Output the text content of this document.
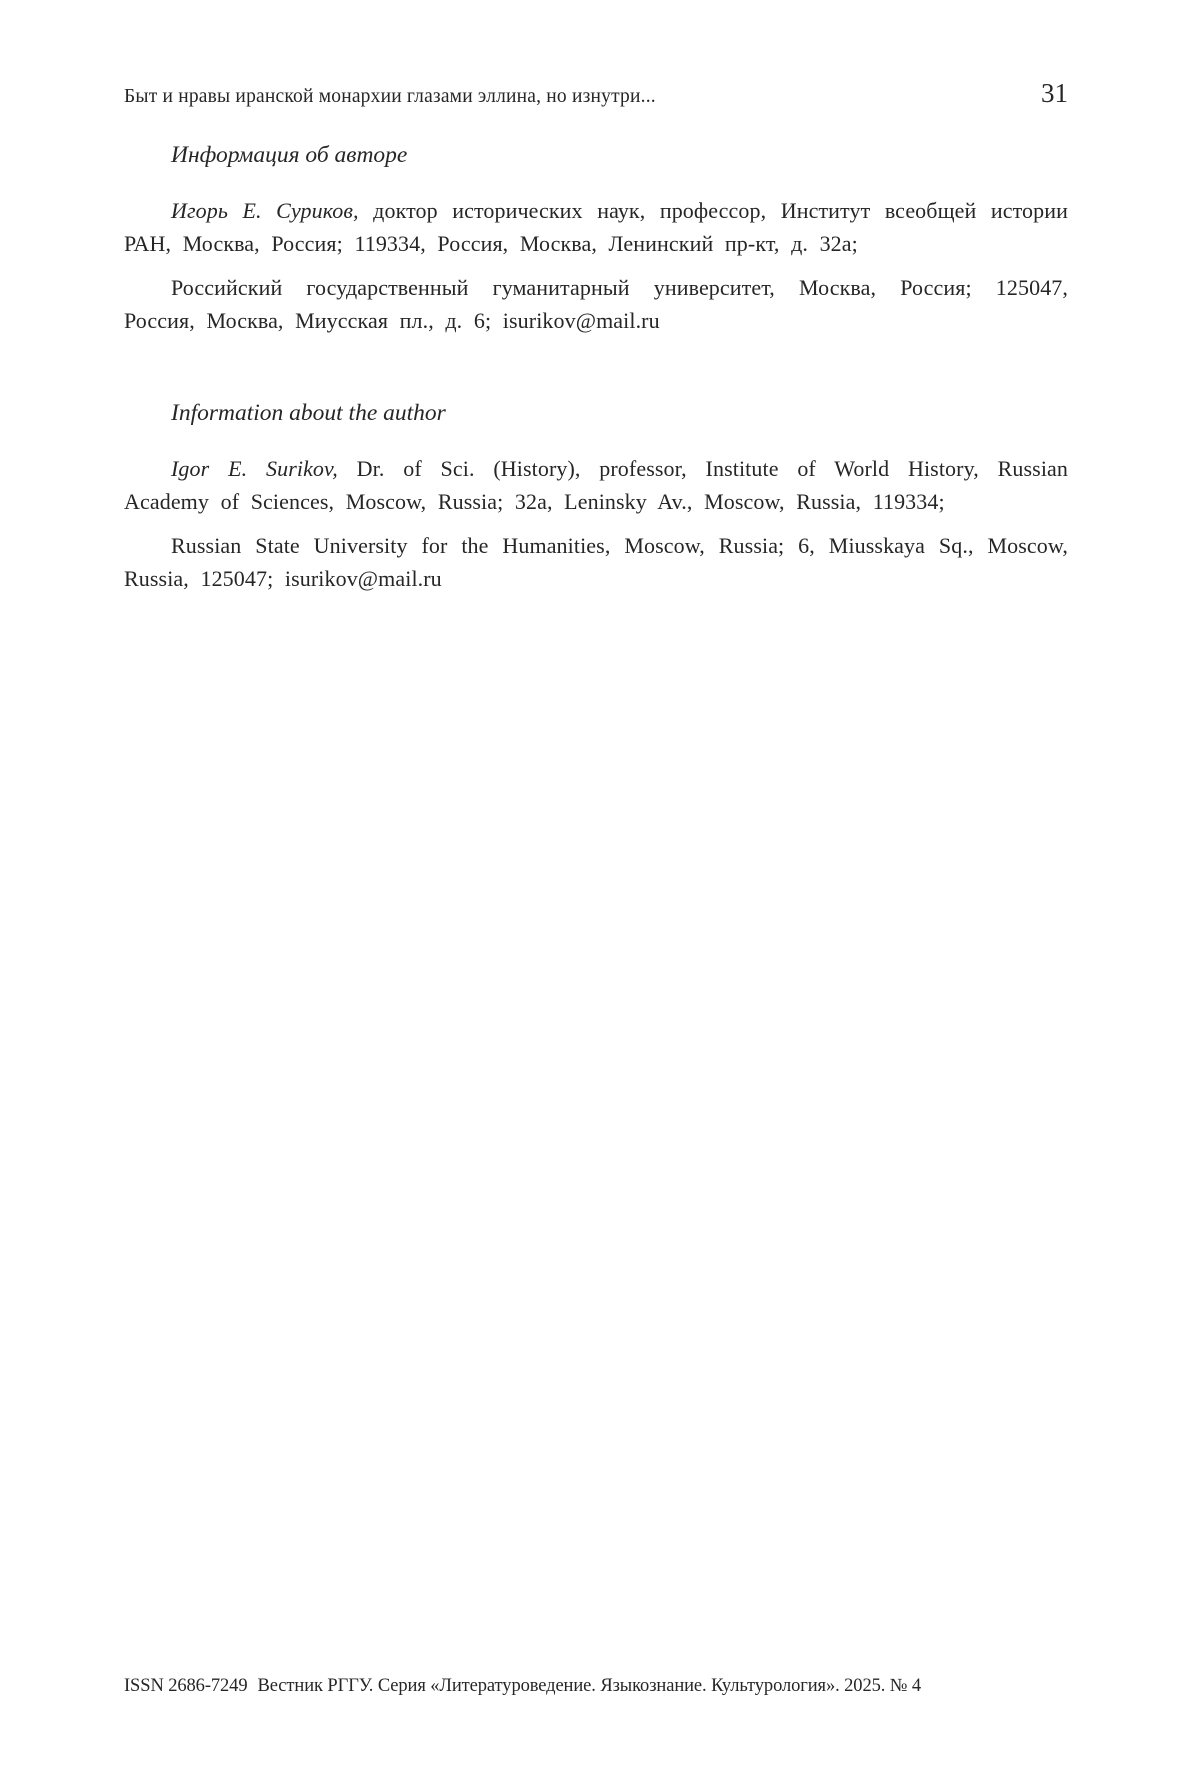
Быт и нравы иранской монархии глазами эллина, но изнутри...	31
Информация об авторе

Игорь Е. Суриков, доктор исторических наук, профессор, Институт всеобщей истории РАН, Москва, Россия; 119334, Россия, Москва, Ленинский пр-кт, д. 32а;

Российский государственный гуманитарный университет, Москва, Россия; 125047, Россия, Москва, Миусская пл., д. 6; isurikov@mail.ru

Information about the author

Igor E. Surikov, Dr. of Sci. (History), professor, Institute of World History, Russian Academy of Sciences, Moscow, Russia; 32a, Leninsky Av., Moscow, Russia, 119334;

Russian State University for the Humanities, Moscow, Russia; 6, Miusskaya Sq., Moscow, Russia, 125047; isurikov@mail.ru

ISSN 2686-7249 Вестник РГГУ. Серия «Литературоведение. Языкознание. Культурология». 2025. № 4
